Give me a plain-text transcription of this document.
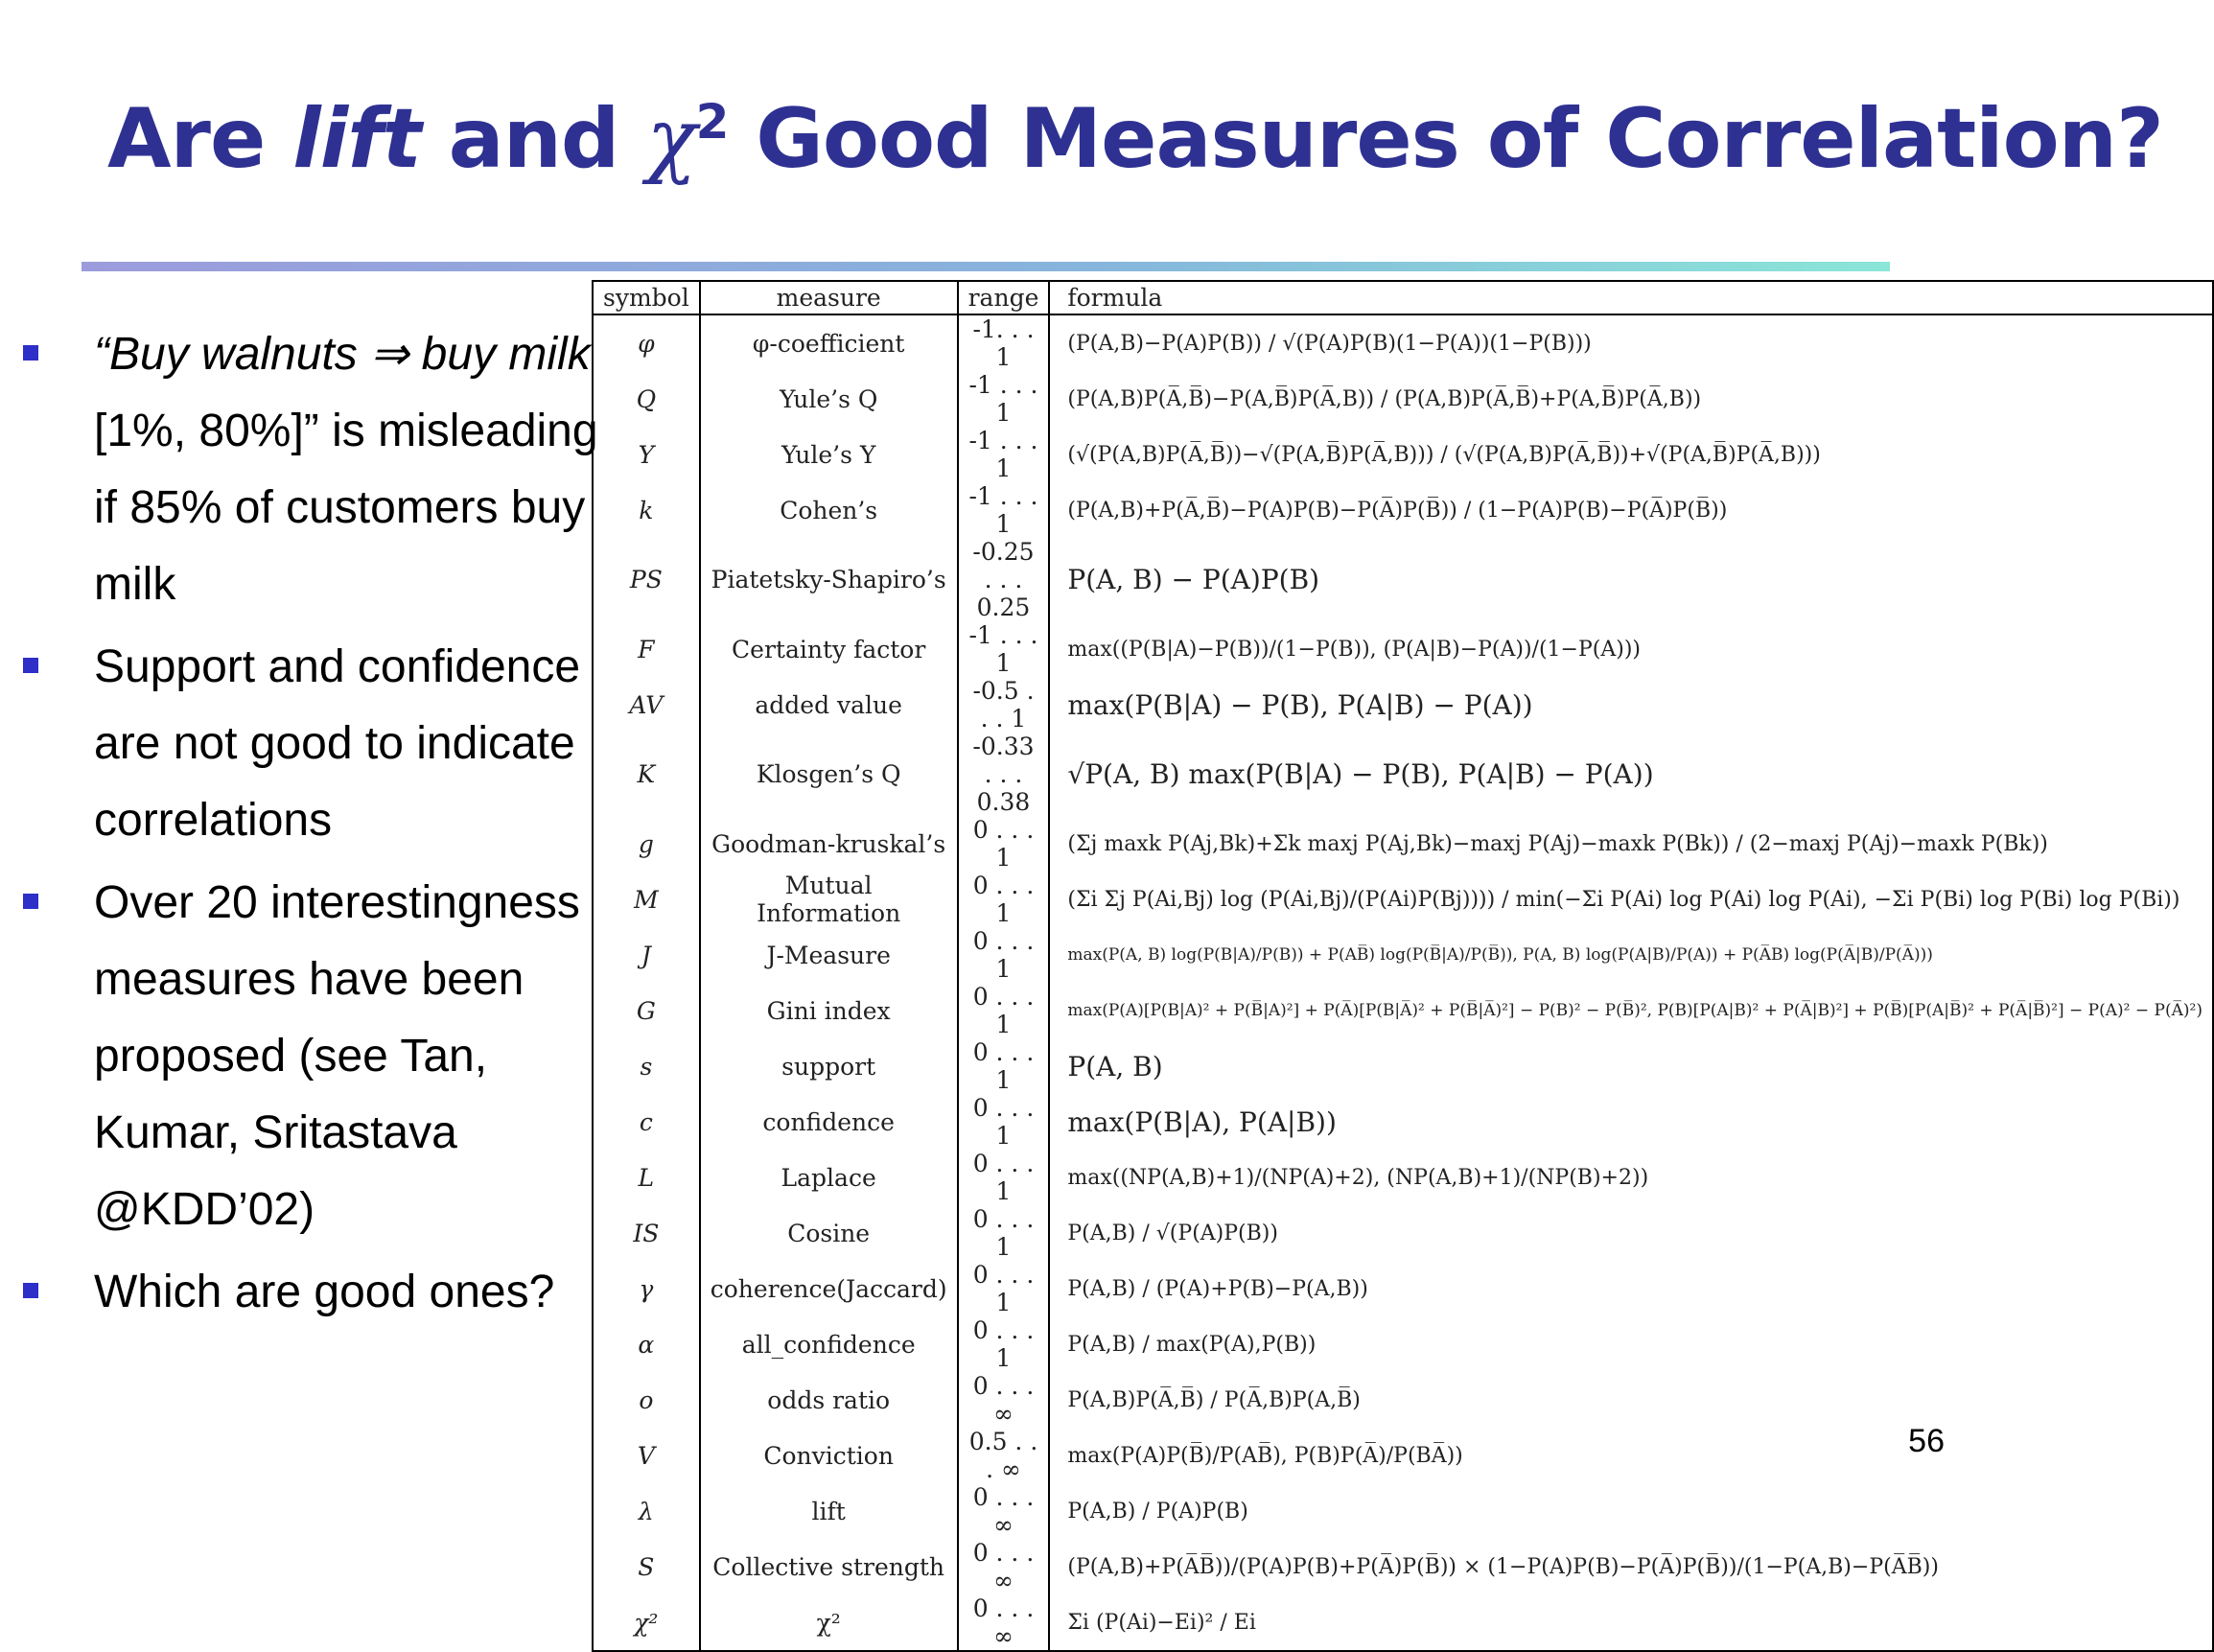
Are lift and $\chi^2$ Good Measures of Correlation?
“Buy walnuts ⇒ buy milk [1%, 80%]” is misleading if 85% of customers buy milk
Support and confidence are not good to indicate correlations
Over 20 interestingness measures have been proposed (see Tan, Kumar, Sritastava @KDD’02)
Which are good ones?
symbol	measure	range	formula
φ	φ-coefficient	-1. . . 1	(P(A,B)−P(A)P(B)) / √(P(A)P(B)(1−P(A))(1−P(B)))
Q	Yule’s Q	-1 . . . 1	(P(A,B)P(A̅,B̅)−P(A,B̅)P(A̅,B)) / (P(A,B)P(A̅,B̅)+P(A,B̅)P(A̅,B))
Y	Yule’s Y	-1 . . . 1	(√(P(A,B)P(A̅,B̅))−√(P(A,B̅)P(A̅,B))) / (√(P(A,B)P(A̅,B̅))+√(P(A,B̅)P(A̅,B)))
k	Cohen’s	-1 . . . 1	(P(A,B)+P(A̅,B̅)−P(A)P(B)−P(A̅)P(B̅)) / (1−P(A)P(B)−P(A̅)P(B̅))
PS	Piatetsky-Shapiro’s	-0.25 . . . 0.25	P(A, B) − P(A)P(B)
F	Certainty factor	-1 . . . 1	max((P(B|A)−P(B))/(1−P(B)), (P(A|B)−P(A))/(1−P(A)))
AV	added value	-0.5 . . . 1	max(P(B|A) − P(B), P(A|B) − P(A))
K	Klosgen’s Q	-0.33 . . . 0.38	√P(A, B) max(P(B|A) − P(B), P(A|B) − P(A))
g	Goodman-kruskal’s	0 . . . 1	(Σj maxk P(Aj,Bk)+Σk maxj P(Aj,Bk)−maxj P(Aj)−maxk P(Bk)) / (2−maxj P(Aj)−maxk P(Bk))
M	Mutual Information	0 . . . 1	(Σi Σj P(Ai,Bj) log (P(Ai,Bj)/(P(Ai)P(Bj)))) / min(−Σi P(Ai) log P(Ai) log P(Ai), −Σi P(Bi) log P(Bi) log P(Bi))
J	J-Measure	0 . . . 1	max(P(A, B) log(P(B|A)/P(B)) + P(AB̅) log(P(B̅|A)/P(B̅)), P(A, B) log(P(A|B)/P(A)) + P(A̅B) log(P(A̅|B)/P(A̅)))
G	Gini index	0 . . . 1	max(P(A)[P(B|A)² + P(B̅|A)²] + P(A̅)[P(B|A̅)² + P(B̅|A̅)²] − P(B)² − P(B̅)², P(B)[P(A|B)² + P(A̅|B)²] + P(B̅)[P(A|B̅)² + P(A̅|B̅)²] − P(A)² − P(A̅)²)
s	support	0 . . . 1	P(A, B)
c	confidence	0 . . . 1	max(P(B|A), P(A|B))
L	Laplace	0 . . . 1	max((NP(A,B)+1)/(NP(A)+2), (NP(A,B)+1)/(NP(B)+2))
IS	Cosine	0 . . . 1	P(A,B) / √(P(A)P(B))
γ	coherence(Jaccard)	0 . . . 1	P(A,B) / (P(A)+P(B)−P(A,B))
α	all_confidence	0 . . . 1	P(A,B) / max(P(A),P(B))
o	odds ratio	0 . . . ∞	P(A,B)P(A̅,B̅) / P(A̅,B)P(A,B̅)
V	Conviction	0.5 . . . ∞	max(P(A)P(B̅)/P(AB̅), P(B)P(A̅)/P(BA̅))
λ	lift	0 . . . ∞	P(A,B) / P(A)P(B)
S	Collective strength	0 . . . ∞	(P(A,B)+P(A̅B̅))/(P(A)P(B)+P(A̅)P(B̅)) × (1−P(A)P(B)−P(A̅)P(B̅))/(1−P(A,B)−P(A̅B̅))
χ²	χ²	0 . . . ∞	Σi (P(Ai)−Ei)² / Ei
56
